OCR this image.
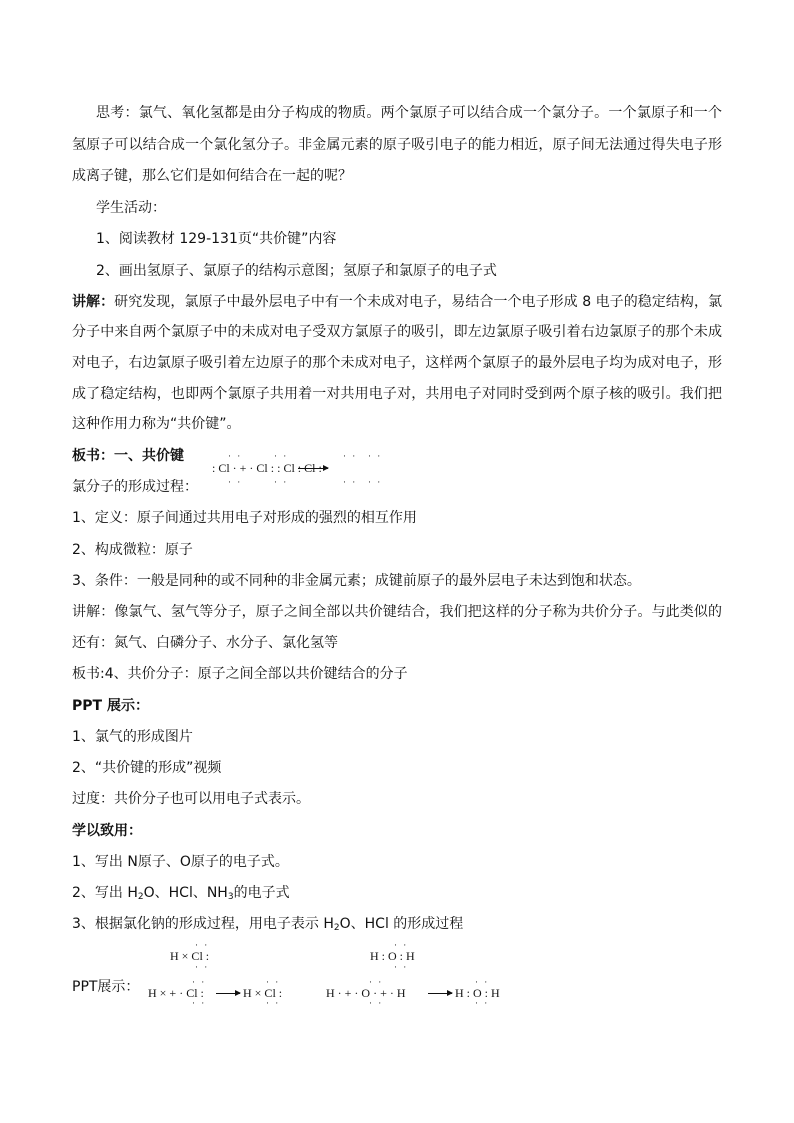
思考：氯气、氧化氢都是由分子构成的物质。两个氯原子可以结合成一个氯分子。一个氯原子和一个
氢原子可以结合成一个氯化氢分子。非金属元素的原子吸引电子的能力相近，原子间无法通过得失电子形
成离子键，那么它们是如何结合在一起的呢？
学生活动：
1、阅读教材 129-131页“共价键”内容
2、画出氢原子、氯原子的结构示意图；氢原子和氯原子的电子式
讲解：研究发现，氯原子中最外层电子中有一个未成对电子，易结合一个电子形成 8 电子的稳定结构，氯
分子中来自两个氯原子中的未成对电子受双方氯原子的吸引，即左边氯原子吸引着右边氯原子的那个未成
对电子，右边氯原子吸引着左边原子的那个未成对电子，这样两个氯原子的最外层电子均为成对电子，形
成了稳定结构，也即两个氯原子共用着一对共用电子对，共用电子对同时受到两个原子核的吸引。我们把
这种作用力称为“共价键”。
板书：一、共价键	· ·	· ·	· · · ·
: Cl · + · Cl : : Cl : Cl :
· ·	· ·	· · · ·
氯分子的形成过程：
1、定义：原子间通过共用电子对形成的强烈的相互作用
2、构成微粒：原子
3、条件：一般是同种的或不同种的非金属元素；成键前原子的最外层电子未达到饱和状态。
讲解：像氯气、氢气等分子，原子之间全部以共价键结合，我们把这样的分子称为共价分子。与此类似的
还有：氮气、白磷分子、水分子、氯化氢等
板书:4、共价分子：原子之间全部以共价键结合的分子
PPT 展示：
1、氯气的形成图片
2、“共价键的形成”视频
过度：共价分子也可以用电子式表示。
学以致用：
1、写出 N原子、O原子的电子式。
2、写出 $H_2O$、HCl、$NH_3$的电子式
3、根据氯化钠的形成过程，用电子表示 $H_2O$、HCl 的形成过程
PPT展示：
· ·
H × Cl :
· ·
· ·
H : O : H
· ·
· ·	· ·
H × + · Cl :	H × Cl :
· ·	· ·
· ·	· ·
H · + · O · + · H	H : O : H
· ·	· ·
